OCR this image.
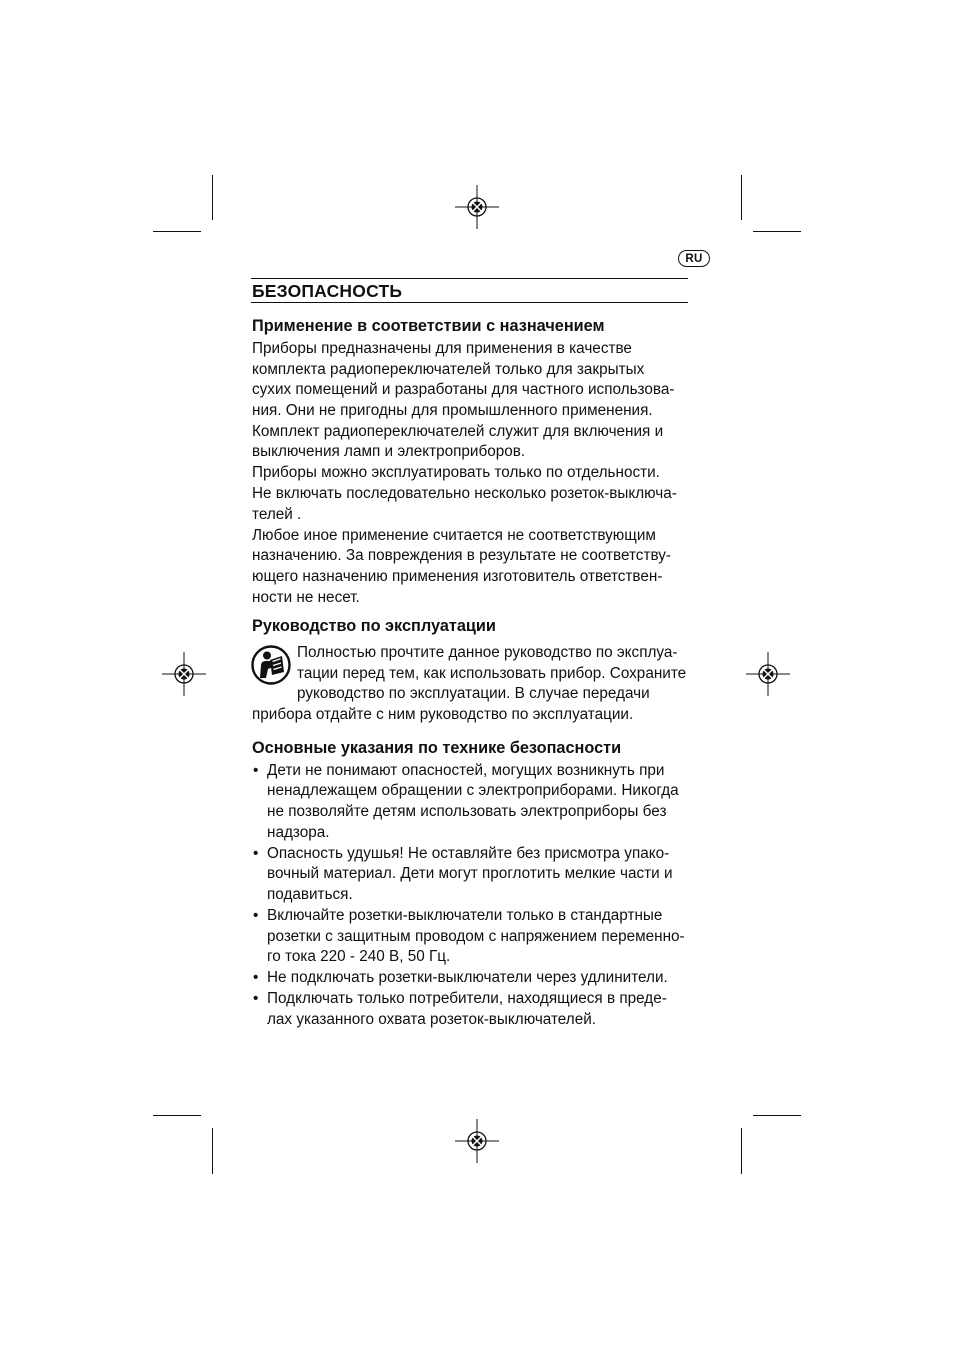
RU
БЕЗОПАСНОСТЬ
Применение в соответствии с назначением
Приборы предназначены для применения в качестве
комплекта радиопереключателей только для закрытых
сухих помещений и разработаны для частного использова-
ния. Они не пригодны для промышленного применения.
Комплект радиопереключателей служит для включения и
выключения ламп и электроприборов.
Приборы можно эксплуатировать только по отдельности.
Не включать последовательно несколько розеток-выключа-
телей .
Любое иное применение считается не соответствующим
назначению. За повреждения в результате не соответству-
ющего назначению применения изготовитель ответствен-
ности не несет.
Руководство по эксплуатации
Полностью прочтите данное руководство по эксплуа-
тации перед тем, как использовать прибор. Сохраните
руководство по эксплуатации. В случае передачи
прибора отдайте с ним руководство по эксплуатации.
Основные указания по технике безопасности
• Дети не понимают опасностей, могущих возникнуть при
ненадлежащем обращении с электроприборами. Никогда
не позволяйте детям использовать электроприборы без
надзора.
• Опасность удушья! Не оставляйте без присмотра упако-
вочный материал. Дети могут проглотить мелкие части и
подавиться.
• Включайте розетки-выключатели только в стандартные
розетки с защитным проводом с напряжением переменно-
го тока 220 - 240 В, 50 Гц.
• Не подключать розетки-выключатели через удлинители.
• Подключать только потребители, находящиеся в преде-
лах указанного охвата розеток-выключателей.
